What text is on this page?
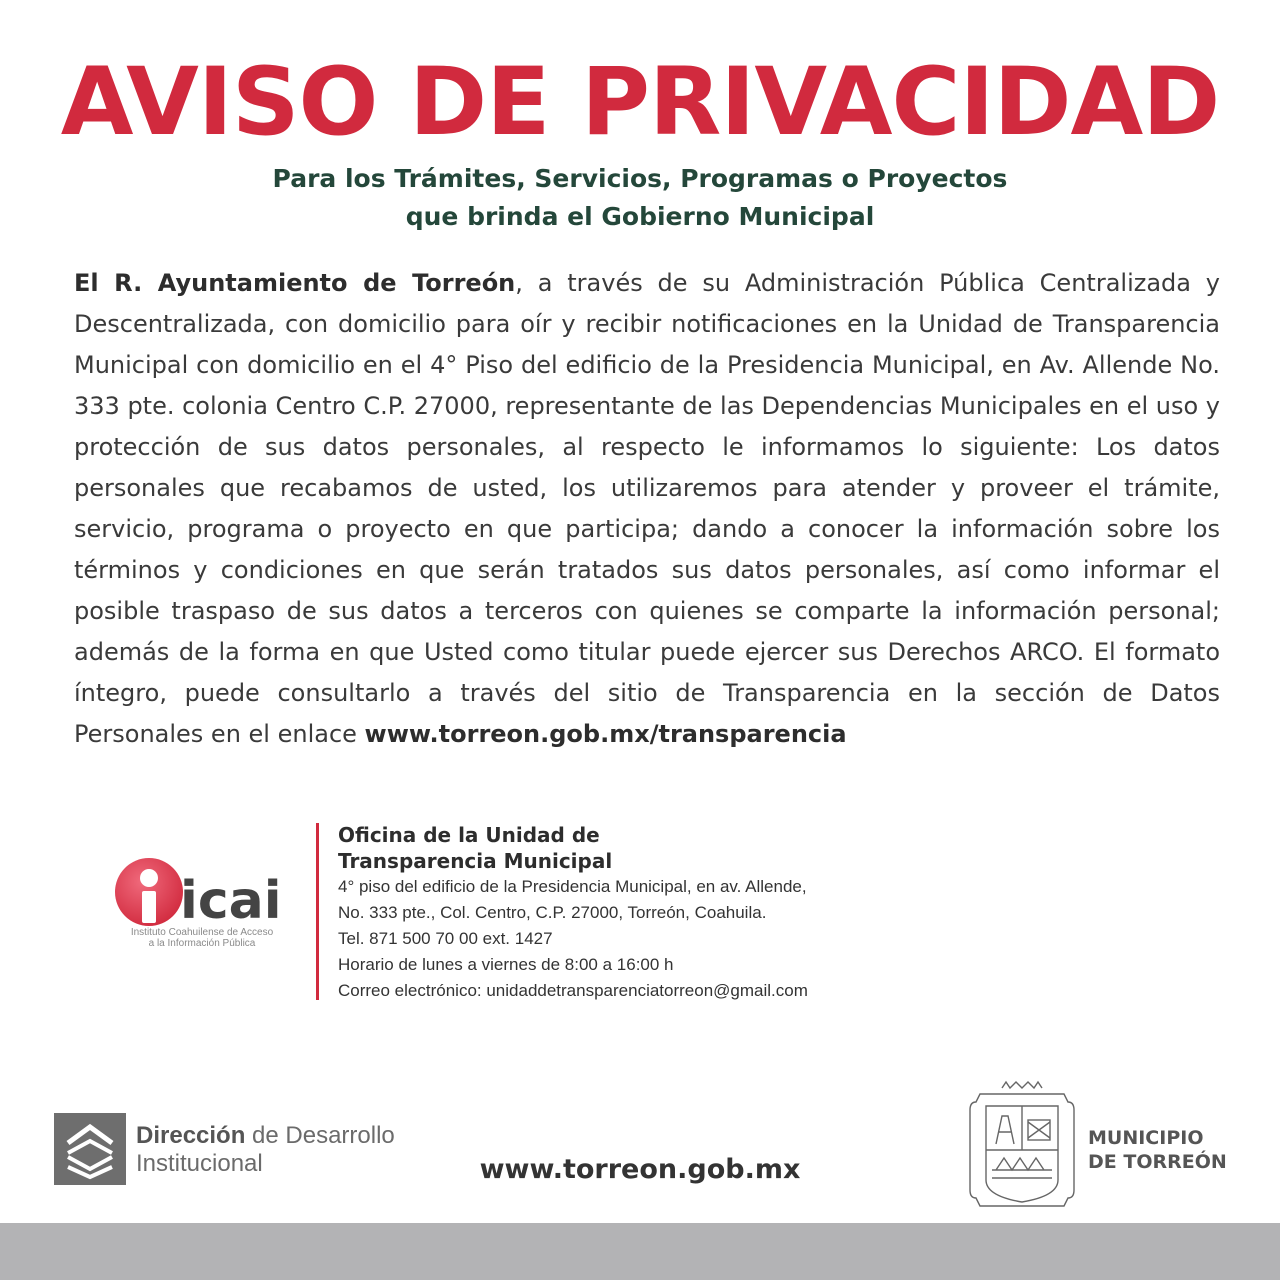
AVISO DE PRIVACIDAD
Para los Trámites, Servicios, Programas o Proyectos
que brinda el Gobierno Municipal
El R. Ayuntamiento de Torreón, a través de su Administración Pública Centralizada y Descentralizada, con domicilio para oír y recibir notificaciones en la Unidad de Transparencia Municipal con domicilio en el 4° Piso del edificio de la Presidencia Municipal, en Av. Allende No. 333 pte. colonia Centro C.P. 27000, representante de las Dependencias Municipales en el uso y protección de sus datos personales, al respecto le informamos lo siguiente: Los datos personales que recabamos de usted, los utilizaremos para atender y proveer el trámite, servicio, programa o proyecto en que participa; dando a conocer la información sobre los términos y condiciones en que serán tratados sus datos personales, así como informar el posible traspaso de sus datos a terceros con quienes se comparte la información personal; además de la forma en que Usted como titular puede ejercer sus Derechos ARCO. El formato íntegro, puede consultarlo a través del sitio de Transparencia en la sección de Datos Personales en el enlace www.torreon.gob.mx/transparencia
icai
Instituto Coahuilense de Acceso
a la Información Pública
Oficina de la Unidad de
Transparencia Municipal
4° piso del edificio de la Presidencia Municipal, en av. Allende,
No. 333 pte., Col. Centro, C.P. 27000, Torreón, Coahuila.
Tel. 871 500 70 00 ext. 1427
Horario de lunes a viernes de 8:00 a 16:00 h
Correo electrónico: unidaddetransparenciatorreon@gmail.com
Dirección de Desarrollo
Institucional	www.torreon.gob.mx
MUNICIPIO
DE TORREÓN
